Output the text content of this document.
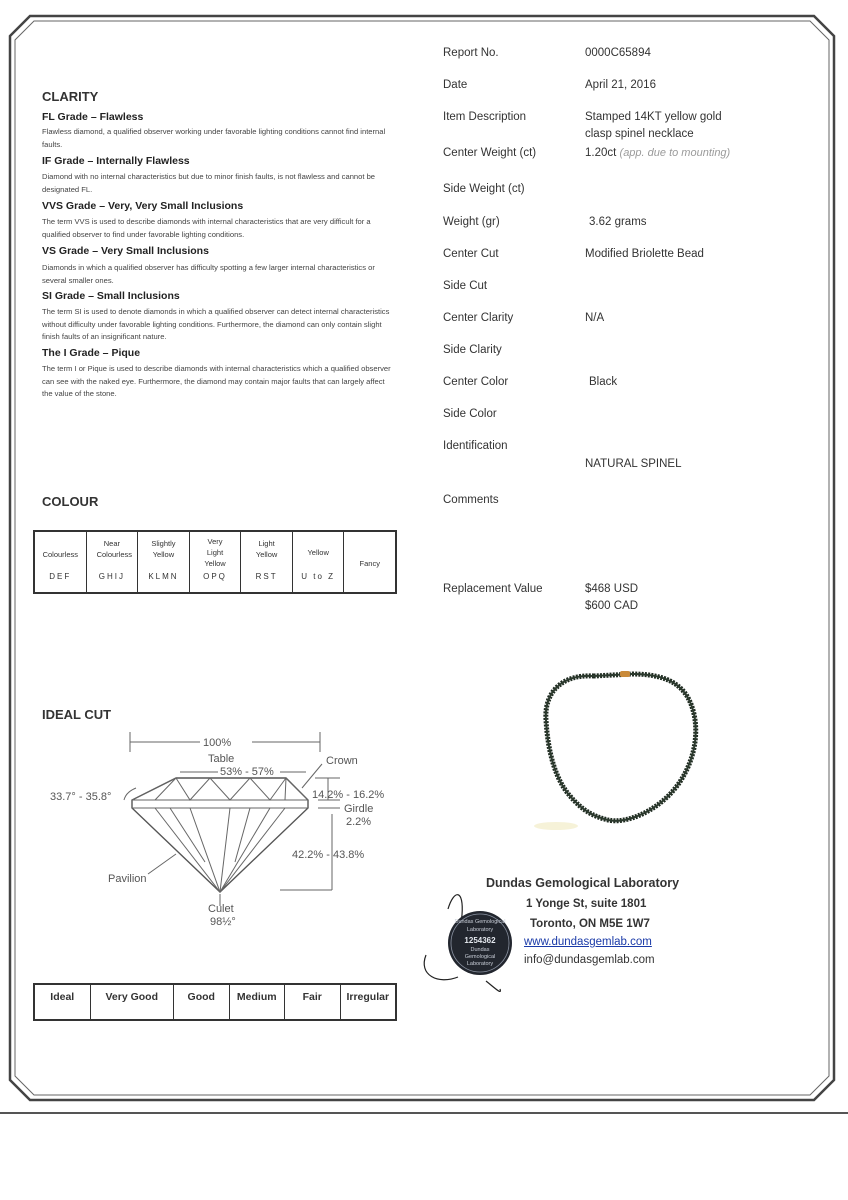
CLARITY
FL Grade – Flawless
Flawless diamond, a qualified observer working under favorable lighting conditions cannot find internal faults.
IF Grade – Internally Flawless
Diamond with no internal characteristics but due to minor finish faults, is not flawless and cannot be designated FL.
VVS Grade – Very, Very Small Inclusions
The term VVS is used to describe diamonds with internal characteristics that are very difficult for a qualified observer to find under favorable lighting conditions.
VS Grade – Very Small Inclusions
Diamonds in which a qualified observer has difficulty spotting a few larger internal characteristics or several smaller ones.
SI Grade – Small Inclusions
The term SI is used to denote diamonds in which a qualified observer can detect internal characteristics without difficulty under favorable lighting conditions. Furthermore, the diamond can only contain slight finish faults of an insignificant nature.
The I Grade – Pique
The term I or Pique is used to describe diamonds with internal characteristics which a qualified observer can see with the naked eye. Furthermore, the diamond may contain major faults that can largely affect the value of the stone.
COLOUR
Colourless
DEF
Near Colourless
GHIJ
Slightly Yellow
KLMN
Very Light Yellow
OPQ
Light Yellow
RST
Yellow
U to Z
Fancy
IDEAL CUT
100%
Table
53% - 57%
Crown
33.7° - 35.8°	14.2% - 16.2%
Girdle
2.2%
42.2% - 43.8%
Pavilion
Culet
98½°
Ideal	Very Good	Good	Medium	Fair	Irregular
Report No.	0000C65894
Date	April 21, 2016
Item Description	Stamped 14KT yellow gold
clasp spinel necklace
Center Weight (ct)	1.20ct (app. due to mounting)
Side Weight (ct)
Weight (gr)	3.62 grams
Center Cut	Modified Briolette Bead
Side Cut
Center Clarity	N/A
Side Clarity
Center Color	Black
Side Color
Identification
NATURAL SPINEL
Comments
Replacement Value	$468 USD
$600 CAD
Dundas Gemological
Laboratory
1254362
Dundas
Gemological
Laboratory
Dundas Gemological Laboratory
1 Yonge St, suite 1801
Toronto, ON M5E 1W7
www.dundasgemlab.com
info@dundasgemlab.com
